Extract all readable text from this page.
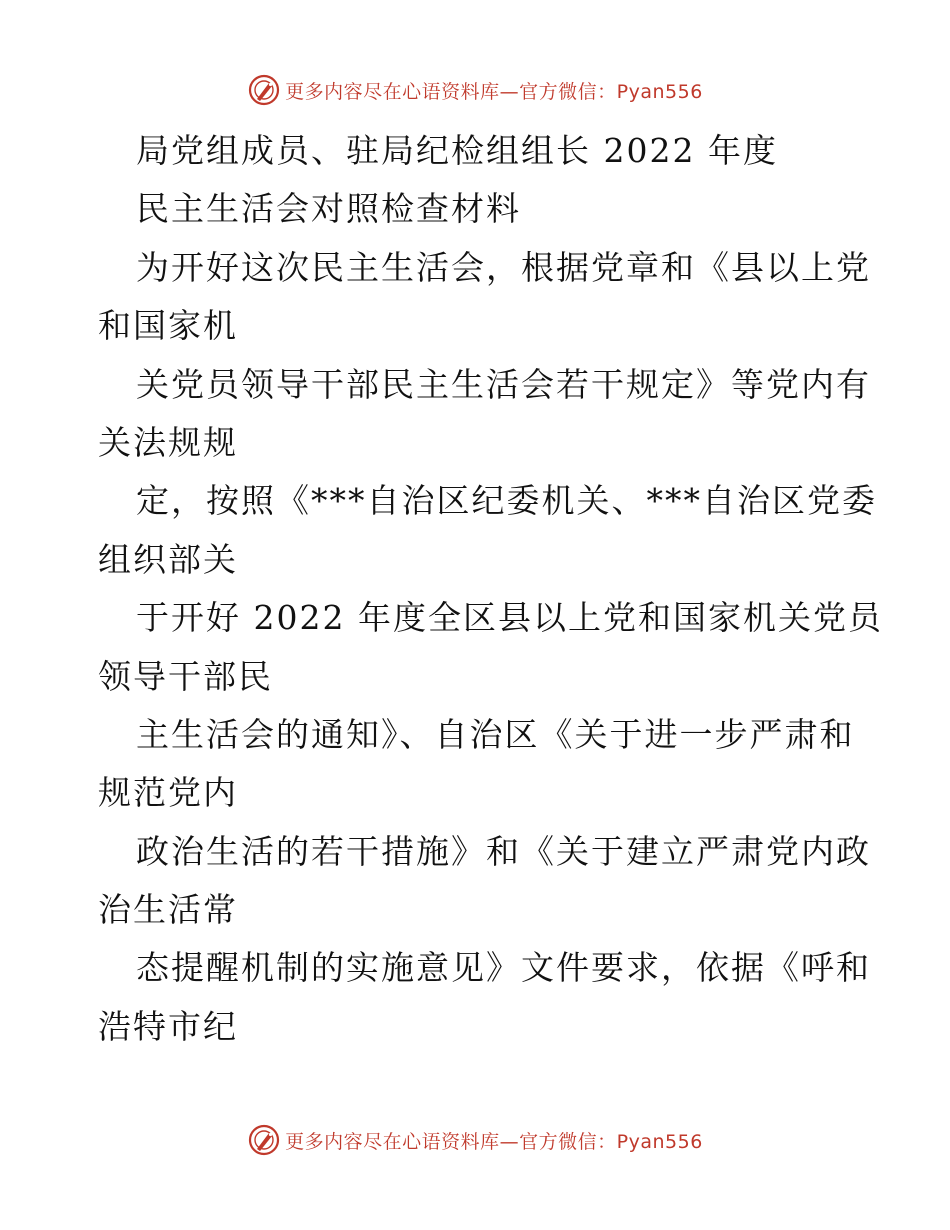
更多内容尽在心语资料库—官方微信：Pyan556
局党组成员、驻局纪检组组长 2022 年度
民主生活会对照检查材料
为开好这次民主生活会，根据党章和《县以上党
和国家机
关党员领导干部民主生活会若干规定》等党内有
关法规规
定，按照《***自治区纪委机关、***自治区党委
组织部关
于开好 2022 年度全区县以上党和国家机关党员
领导干部民
主生活会的通知》、自治区《关于进一步严肃和
规范党内
政治生活的若干措施》和《关于建立严肃党内政
治生活常
态提醒机制的实施意见》文件要求，依据《呼和
浩特市纪
更多内容尽在心语资料库—官方微信：Pyan556
